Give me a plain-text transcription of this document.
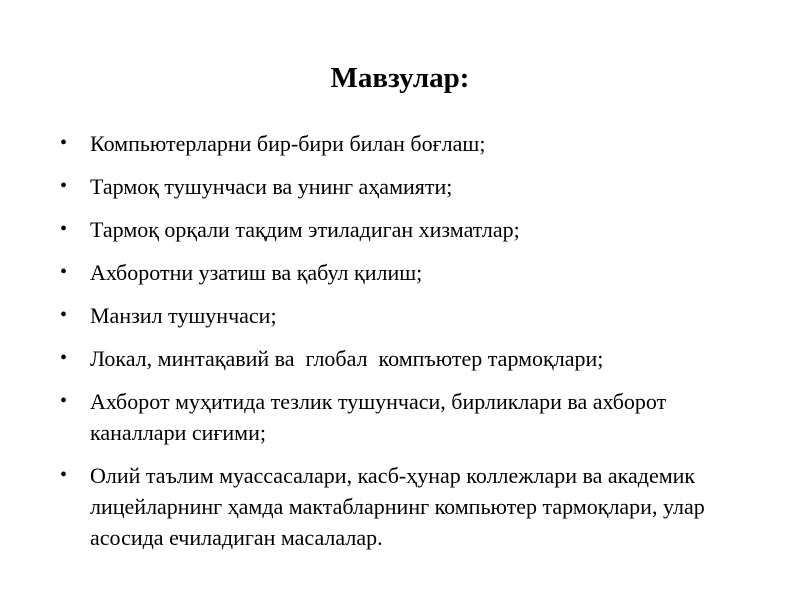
Мавзулар:
• Компьютерларни бир-бири билан боғлаш;
• Тармоқ тушунчаси ва унинг аҳамияти;
• Тармоқ орқали тақдим этиладиган хизматлар;
• Ахборотни узатиш ва қабул қилиш;
• Манзил тушунчаси;
• Локал, минтақавий ва  глобал  компъютер тармоқлари;
• Ахборот муҳитида тезлик тушунчаси, бирликлари ва ахборот каналлари сиғими;
• Олий таълим муассасалари, касб-ҳунар коллежлари ва академик лицейларнинг ҳамда мактабларнинг компьютер тармоқлари, улар асосида ечиладиган масалалар.
